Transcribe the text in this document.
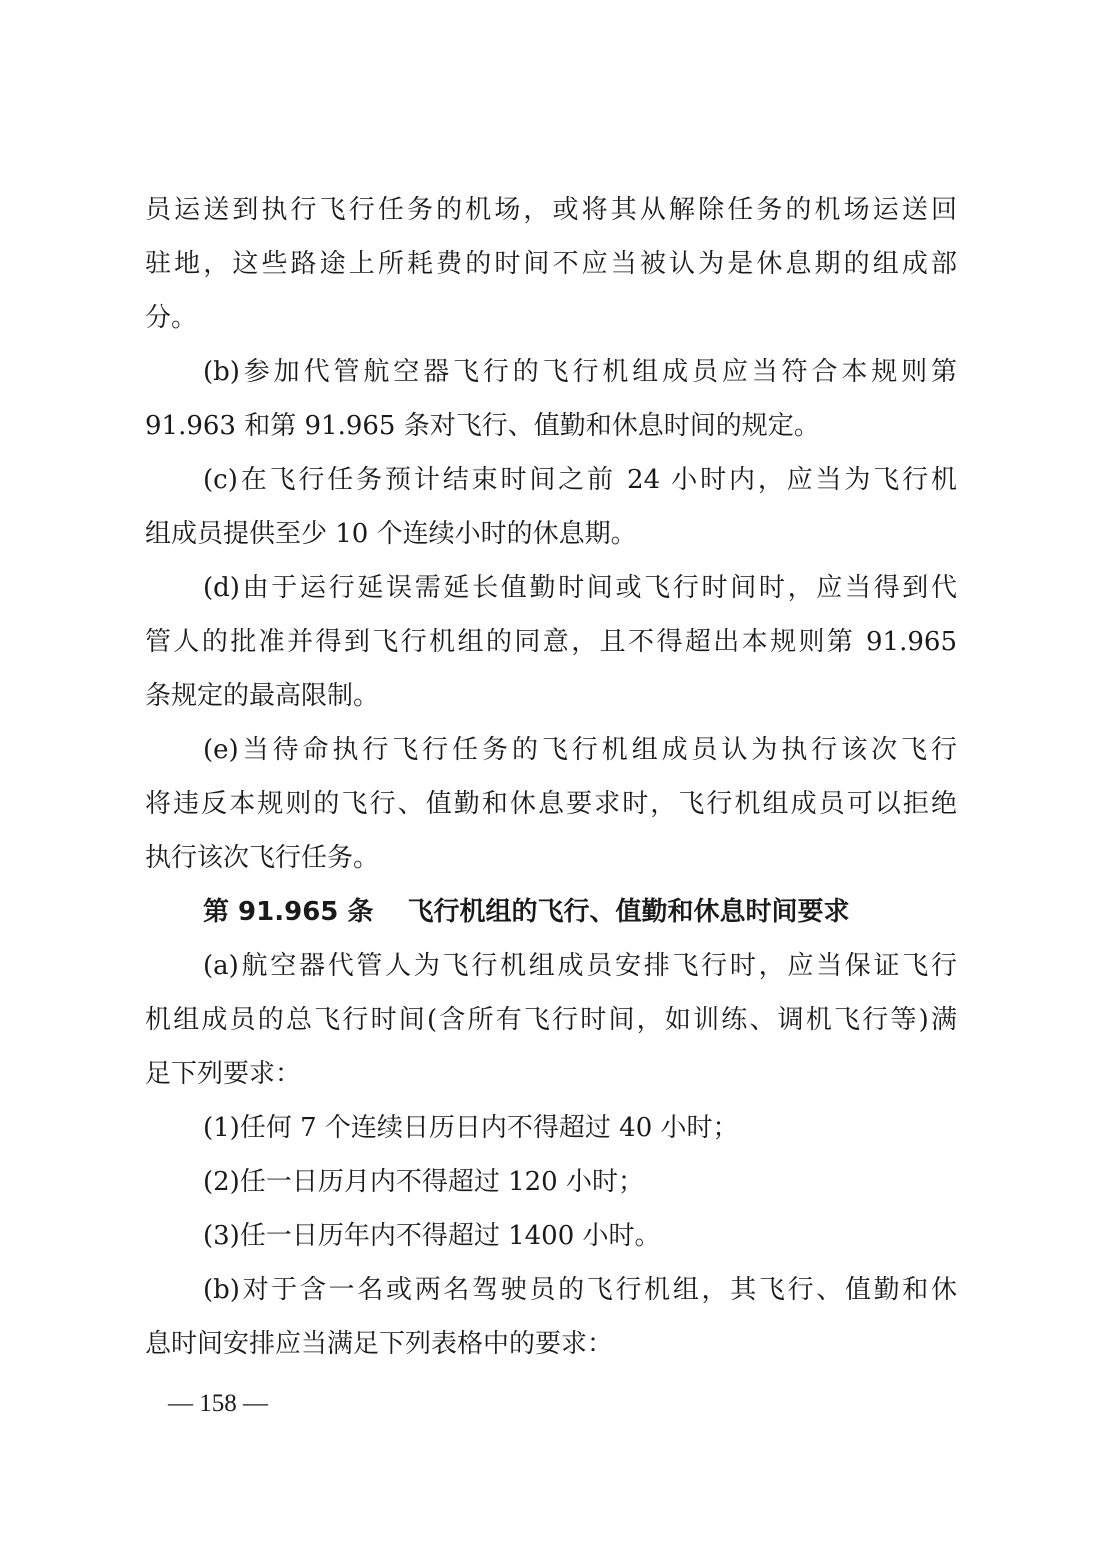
员运送到执行飞行任务的机场，或将其从解除任务的机场运送回
驻地，这些路途上所耗费的时间不应当被认为是休息期的组成部
分。
(b)参加代管航空器飞行的飞行机组成员应当符合本规则第
91.963 和第 91.965 条对飞行、值勤和休息时间的规定。
(c)在飞行任务预计结束时间之前 24 小时内，应当为飞行机
组成员提供至少 10 个连续小时的休息期。
(d)由于运行延误需延长值勤时间或飞行时间时，应当得到代
管人的批准并得到飞行机组的同意，且不得超出本规则第 91.965
条规定的最高限制。
(e)当待命执行飞行任务的飞行机组成员认为执行该次飞行
将违反本规则的飞行、值勤和休息要求时，飞行机组成员可以拒绝
执行该次飞行任务。
第 91.965 条 飞行机组的飞行、值勤和休息时间要求
(a)航空器代管人为飞行机组成员安排飞行时，应当保证飞行
机组成员的总飞行时间(含所有飞行时间，如训练、调机飞行等)满
足下列要求：
(1)任何 7 个连续日历日内不得超过 40 小时；
(2)任一日历月内不得超过 120 小时；
(3)任一日历年内不得超过 1400 小时。
(b)对于含一名或两名驾驶员的飞行机组，其飞行、值勤和休
息时间安排应当满足下列表格中的要求：
— 158 —
